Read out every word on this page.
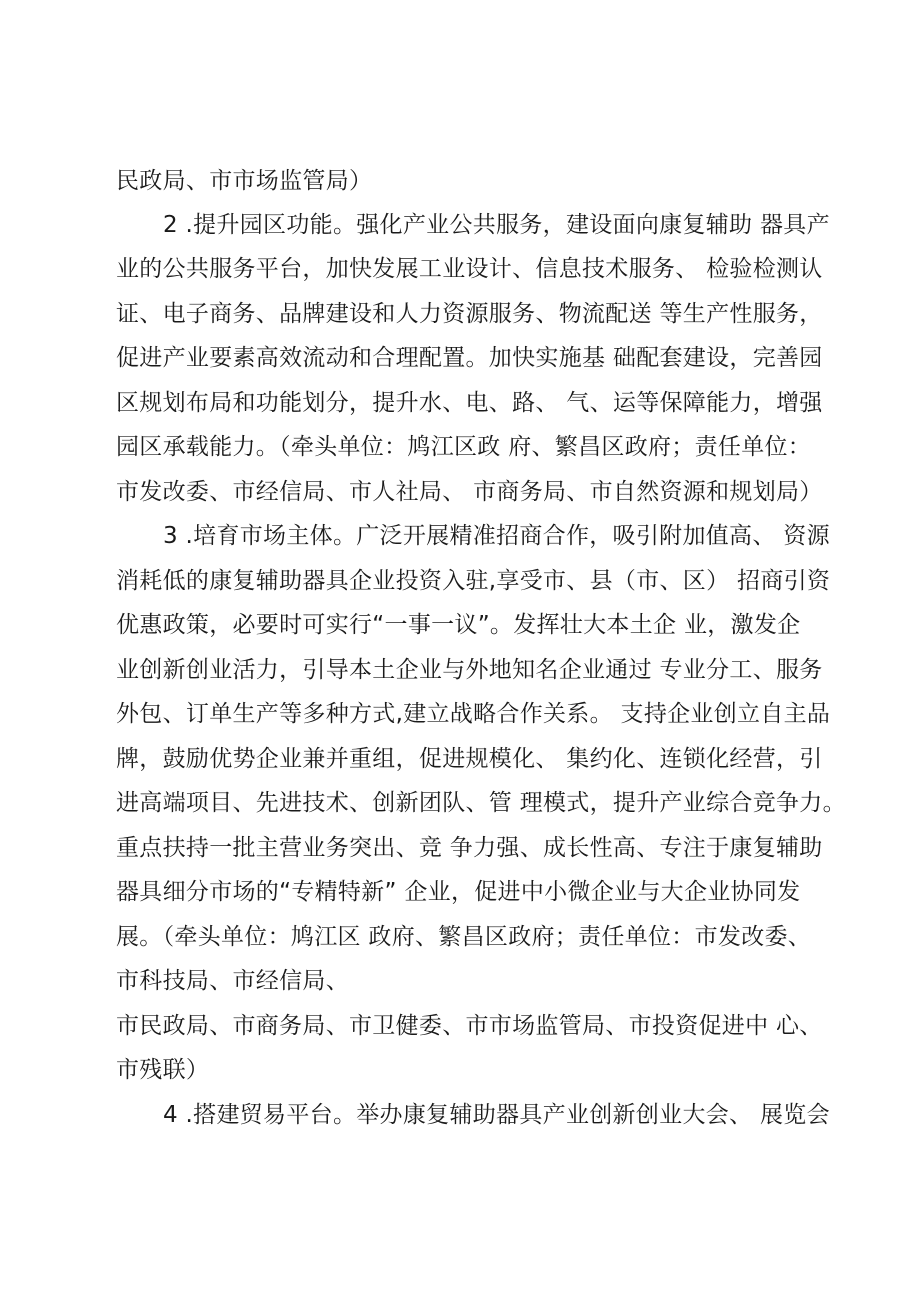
民政局、市市场监管局）
2 .提升园区功能。强化产业公共服务，建设面向康复辅助 器具产
业的公共服务平台，加快发展工业设计、信息技术服务、 检验检测认
证、电子商务、品牌建设和人力资源服务、物流配送 等生产性服务，
促进产业要素高效流动和合理配置。加快实施基 础配套建设，完善园
区规划布局和功能划分，提升水、电、路、 气、运等保障能力，增强
园区承载能力。（牵头单位：鸠江区政 府、繁昌区政府；责任单位：
市发改委、市经信局、市人社局、 市商务局、市自然资源和规划局）
3 .培育市场主体。广泛开展精准招商合作，吸引附加值高、 资源
消耗低的康复辅助器具企业投资入驻,享受市、县（市、区） 招商引资
优惠政策，必要时可实行“一事一议”。发挥壮大本土企 业，激发企
业创新创业活力，引导本土企业与外地知名企业通过 专业分工、服务
外包、订单生产等多种方式,建立战略合作关系。 支持企业创立自主品
牌，鼓励优势企业兼并重组，促进规模化、 集约化、连锁化经营，引
进高端项目、先进技术、创新团队、管 理模式，提升产业综合竞争力。
重点扶持一批主营业务突出、竞 争力强、成长性高、专注于康复辅助
器具细分市场的“专精特新” 企业，促进中小微企业与大企业协同发
展。（牵头单位：鸠江区 政府、繁昌区政府；责任单位：市发改委、
市科技局、市经信局、
市民政局、市商务局、市卫健委、市市场监管局、市投资促进中 心、
市残联）
4 .搭建贸易平台。举办康复辅助器具产业创新创业大会、 展览会
